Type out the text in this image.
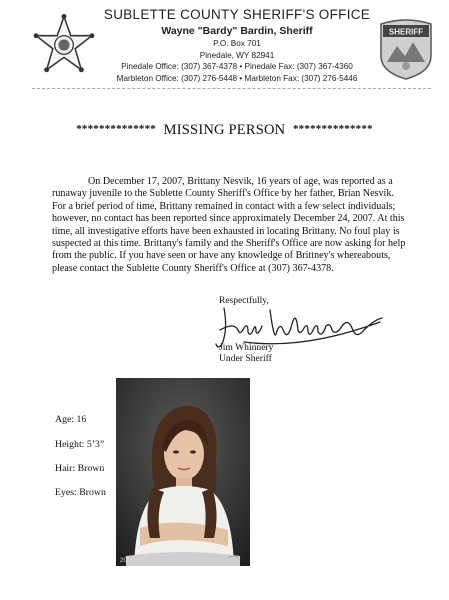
SUBLETTE COUNTY SHERIFF'S OFFICE
Wayne "Bardy" Bardin, Sheriff
P.O. Box 701
Pinedale, WY 82941
Pinedale Office: (307) 367-4378 • Pinedale Fax: (307) 367-4360
Marbleton Office: (307) 276-5448 • Marbleton Fax: (307) 276-5446
SHERIFF
************** MISSING PERSON **************

On December 17, 2007, Brittany Nesvik, 16 years of age, was reported as a runaway juvenile to the Sublette County Sheriff's Office by her father, Brian Nesvik. For a brief period of time, Brittany remained in contact with a few select individuals; however, no contact has been reported since approximately December 24, 2007. At this time, all investigative efforts have been exhausted in locating Brittany. No foul play is suspected at this time. Brittany's family and the Sheriff's Office are now asking for help from the public. If you have seen or have any knowledge of Brittney's whereabouts, please contact the Sublette County Sheriff's Office at (307) 367-4378.

Respectfully,
Jim Whinnery
Under Sheriff
Age: 16
Height: 5’3”
Hair: Brown
Eyes: Brown
2007-08
